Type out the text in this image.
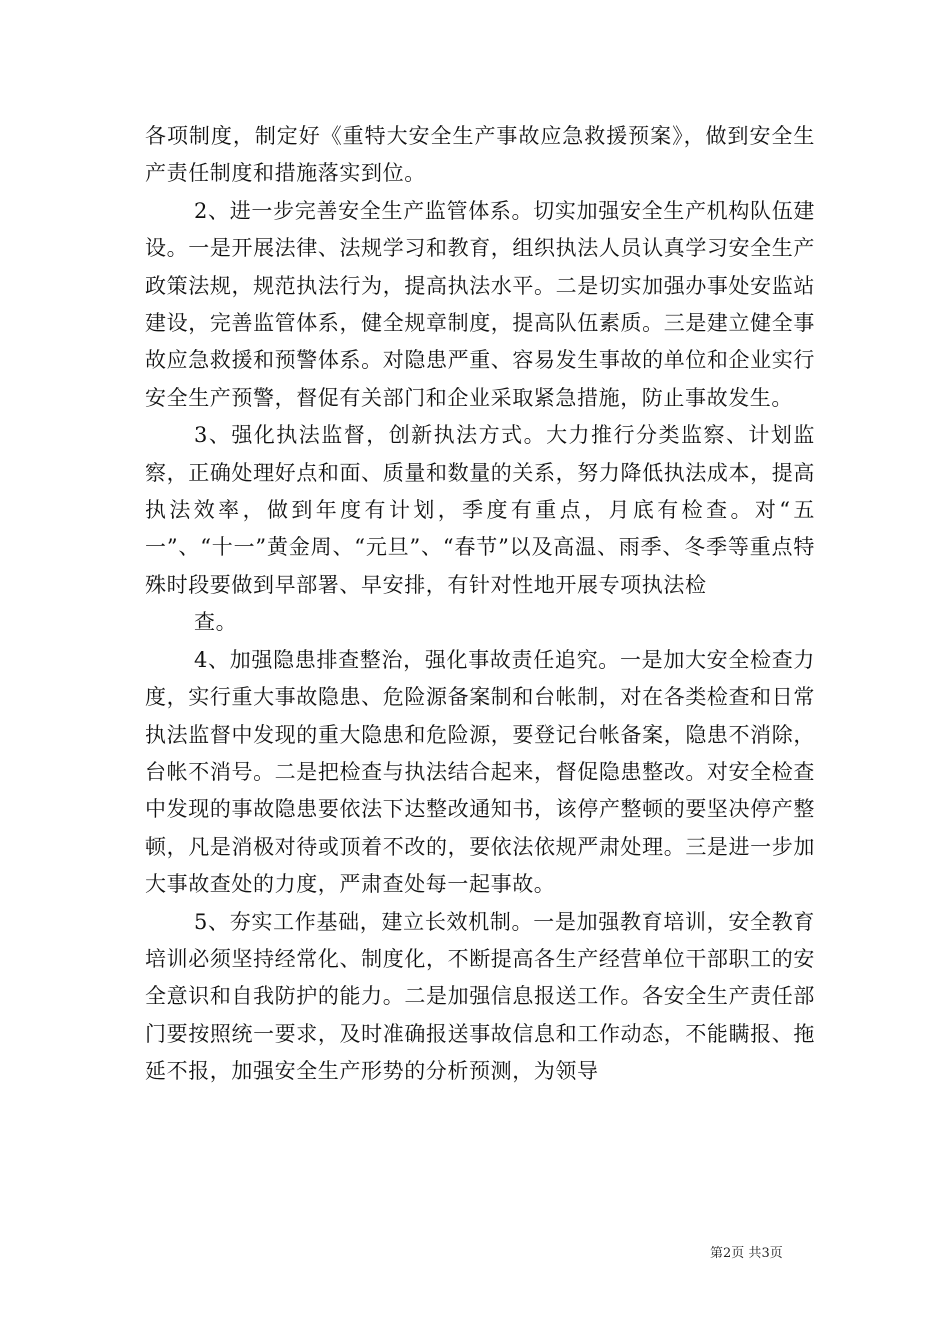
各项制度，制定好《重特大安全生产事故应急救援预案》，做到安全生产责任制度和措施落实到位。

2、进一步完善安全生产监管体系。切实加强安全生产机构队伍建设。一是开展法律、法规学习和教育，组织执法人员认真学习安全生产政策法规，规范执法行为，提高执法水平。二是切实加强办事处安监站建设，完善监管体系，健全规章制度，提高队伍素质。三是建立健全事故应急救援和预警体系。对隐患严重、容易发生事故的单位和企业实行安全生产预警，督促有关部门和企业采取紧急措施，防止事故发生。

3、强化执法监督，创新执法方式。大力推行分类监察、计划监察，正确处理好点和面、质量和数量的关系，努力降低执法成本，提高执法效率，做到年度有计划，季度有重点，月底有检查。对“五一”、“十一”黄金周、“元旦”、“春节”以及高温、雨季、冬季等重点特殊时段要做到早部署、早安排，有针对性地开展专项执法检

查。

4、加强隐患排查整治，强化事故责任追究。一是加大安全检查力度，实行重大事故隐患、危险源备案制和台帐制，对在各类检查和日常执法监督中发现的重大隐患和危险源，要登记台帐备案，隐患不消除，台帐不消号。二是把检查与执法结合起来，督促隐患整改。对安全检查中发现的事故隐患要依法下达整改通知书，该停产整顿的要坚决停产整顿，凡是消极对待或顶着不改的，要依法依规严肃处理。三是进一步加大事故查处的力度，严肃查处每一起事故。

5、夯实工作基础，建立长效机制。一是加强教育培训，安全教育培训必须坚持经常化、制度化，不断提高各生产经营单位干部职工的安全意识和自我防护的能力。二是加强信息报送工作。各安全生产责任部门要按照统一要求，及时准确报送事故信息和工作动态，不能瞒报、拖延不报，加强安全生产形势的分析预测，为领导

第2页 共3页
